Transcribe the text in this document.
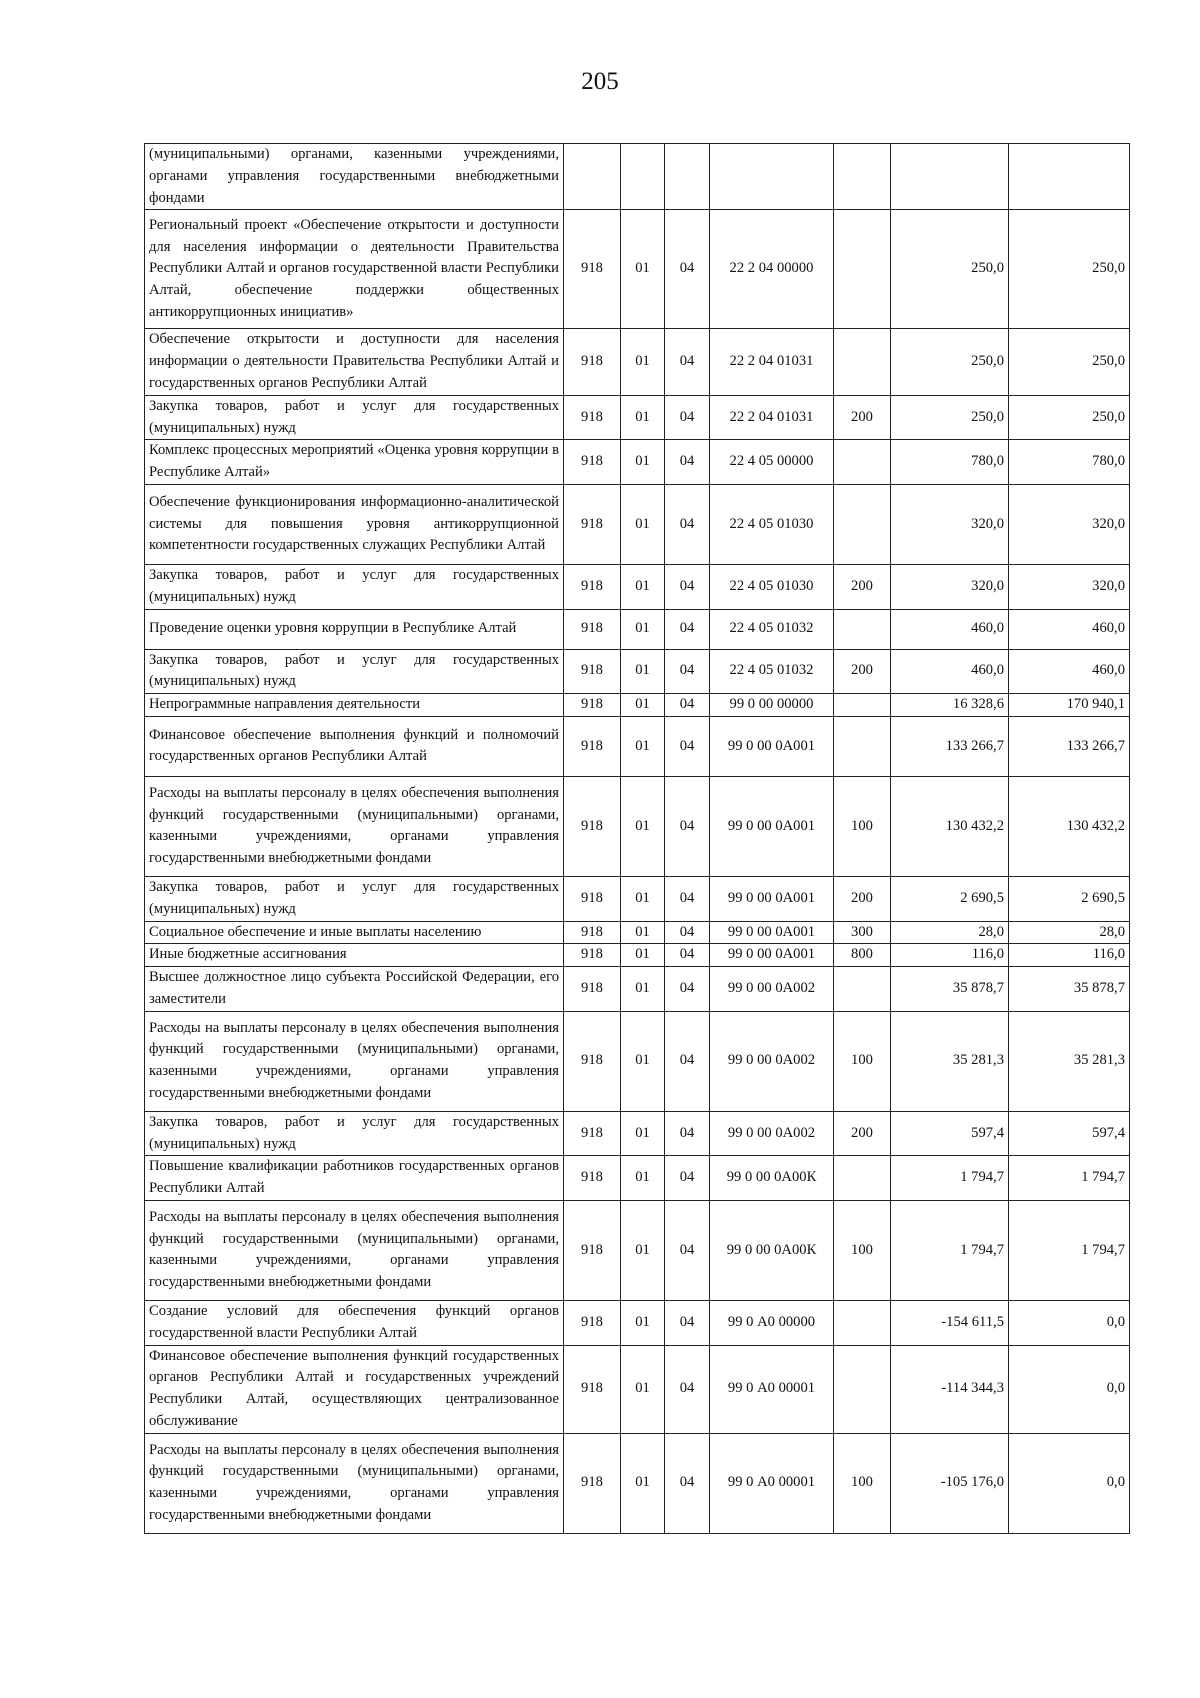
205
(муниципальными) органами, казенными учреждениями, органами управления государственными внебюджетными фондами							
Региональный проект «Обеспечение открытости и доступности для населения информации о деятельности Правительства Республики Алтай и органов государственной власти Республики Алтай, обеспечение поддержки общественных антикоррупционных инициатив»	918	01	04	22 2 04 00000		250,0	250,0
Обеспечение открытости и доступности для населения информации о деятельности Правительства Республики Алтай и государственных органов Республики Алтай	918	01	04	22 2 04 01031		250,0	250,0
Закупка товаров, работ и услуг для государственных (муниципальных) нужд	918	01	04	22 2 04 01031	200	250,0	250,0
Комплекс процессных мероприятий «Оценка уровня коррупции в Республике Алтай»	918	01	04	22 4 05 00000		780,0	780,0
Обеспечение функционирования информационно-аналитической системы для повышения уровня антикоррупционной компетентности государственных служащих Республики Алтай	918	01	04	22 4 05 01030		320,0	320,0
Закупка товаров, работ и услуг для государственных (муниципальных) нужд	918	01	04	22 4 05 01030	200	320,0	320,0
Проведение оценки уровня коррупции в Республике Алтай	918	01	04	22 4 05 01032		460,0	460,0
Закупка товаров, работ и услуг для государственных (муниципальных) нужд	918	01	04	22 4 05 01032	200	460,0	460,0
Непрограммные направления деятельности	918	01	04	99 0 00 00000		16 328,6	170 940,1
Финансовое обеспечение выполнения функций и полномочий государственных органов Республики Алтай	918	01	04	99 0 00 0А001		133 266,7	133 266,7
Расходы на выплаты персоналу в целях обеспечения выполнения функций государственными (муниципальными) органами, казенными учреждениями, органами управления государственными внебюджетными фондами	918	01	04	99 0 00 0А001	100	130 432,2	130 432,2
Закупка товаров, работ и услуг для государственных (муниципальных) нужд	918	01	04	99 0 00 0А001	200	2 690,5	2 690,5
Социальное обеспечение и иные выплаты населению	918	01	04	99 0 00 0А001	300	28,0	28,0
Иные бюджетные ассигнования	918	01	04	99 0 00 0А001	800	116,0	116,0
Высшее должностное лицо субъекта Российской Федерации, его заместители	918	01	04	99 0 00 0А002		35 878,7	35 878,7
Расходы на выплаты персоналу в целях обеспечения выполнения функций государственными (муниципальными) органами, казенными учреждениями, органами управления государственными внебюджетными фондами	918	01	04	99 0 00 0А002	100	35 281,3	35 281,3
Закупка товаров, работ и услуг для государственных (муниципальных) нужд	918	01	04	99 0 00 0А002	200	597,4	597,4
Повышение квалификации работников государственных органов Республики Алтай	918	01	04	99 0 00 0А00К		1 794,7	1 794,7
Расходы на выплаты персоналу в целях обеспечения выполнения функций государственными (муниципальными) органами, казенными учреждениями, органами управления государственными внебюджетными фондами	918	01	04	99 0 00 0А00К	100	1 794,7	1 794,7
Создание условий для обеспечения функций органов государственной власти Республики Алтай	918	01	04	99 0 А0 00000		-154 611,5	0,0
Финансовое обеспечение выполнения функций государственных органов Республики Алтай и государственных учреждений Республики Алтай, осуществляющих централизованное обслуживание	918	01	04	99 0 А0 00001		-114 344,3	0,0
Расходы на выплаты персоналу в целях обеспечения выполнения функций государственными (муниципальными) органами, казенными учреждениями, органами управления государственными внебюджетными фондами	918	01	04	99 0 А0 00001	100	-105 176,0	0,0
